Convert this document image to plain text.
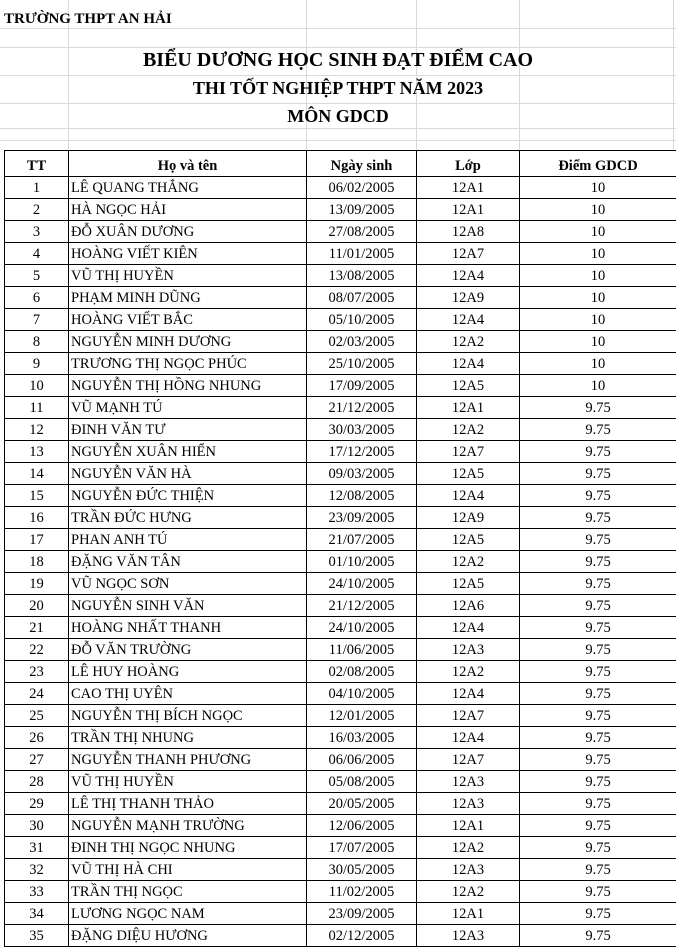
TRƯỜNG THPT AN HẢI
BIỂU DƯƠNG HỌC SINH ĐẠT ĐIỂM CAO
THI TỐT NGHIỆP THPT NĂM 2023
MÔN GDCD
TT	Họ và tên	Ngày sinh	Lớp	Điểm GDCD
1	LÊ QUANG THẮNG	06/02/2005	12A1	10
2	HÀ NGỌC HẢI	13/09/2005	12A1	10
3	ĐỖ XUÂN DƯƠNG	27/08/2005	12A8	10
4	HOÀNG VIẾT KIÊN	11/01/2005	12A7	10
5	VŨ THỊ HUYỀN	13/08/2005	12A4	10
6	PHẠM MINH DŨNG	08/07/2005	12A9	10
7	HOÀNG VIẾT BẮC	05/10/2005	12A4	10
8	NGUYỄN MINH DƯƠNG	02/03/2005	12A2	10
9	TRƯƠNG THỊ NGỌC PHÚC	25/10/2005	12A4	10
10	NGUYỄN THỊ HỒNG NHUNG	17/09/2005	12A5	10
11	VŨ MẠNH TÚ	21/12/2005	12A1	9.75
12	ĐINH VĂN TƯ	30/03/2005	12A2	9.75
13	NGUYỄN XUÂN HIỂN	17/12/2005	12A7	9.75
14	NGUYỄN VĂN HÀ	09/03/2005	12A5	9.75
15	NGUYỄN ĐỨC THIỆN	12/08/2005	12A4	9.75
16	TRẦN ĐỨC HƯNG	23/09/2005	12A9	9.75
17	PHAN ANH TÚ	21/07/2005	12A5	9.75
18	ĐẶNG VĂN TÂN	01/10/2005	12A2	9.75
19	VŨ NGỌC SƠN	24/10/2005	12A5	9.75
20	NGUYỄN SINH VĂN	21/12/2005	12A6	9.75
21	HOÀNG NHẤT THANH	24/10/2005	12A4	9.75
22	ĐỖ VĂN TRƯỜNG	11/06/2005	12A3	9.75
23	LÊ HUY HOÀNG	02/08/2005	12A2	9.75
24	CAO THỊ UYÊN	04/10/2005	12A4	9.75
25	NGUYỄN THỊ BÍCH NGỌC	12/01/2005	12A7	9.75
26	TRẦN THỊ NHUNG	16/03/2005	12A4	9.75
27	NGUYỄN THANH PHƯƠNG	06/06/2005	12A7	9.75
28	VŨ THỊ HUYỀN	05/08/2005	12A3	9.75
29	LÊ THỊ THANH THẢO	20/05/2005	12A3	9.75
30	NGUYỄN MẠNH TRƯỜNG	12/06/2005	12A1	9.75
31	ĐINH THỊ NGỌC NHUNG	17/07/2005	12A2	9.75
32	VŨ THỊ HÀ CHI	30/05/2005	12A3	9.75
33	TRẦN THỊ NGỌC	11/02/2005	12A2	9.75
34	LƯƠNG NGỌC NAM	23/09/2005	12A1	9.75
35	ĐẶNG DIỆU HƯƠNG	02/12/2005	12A3	9.75
